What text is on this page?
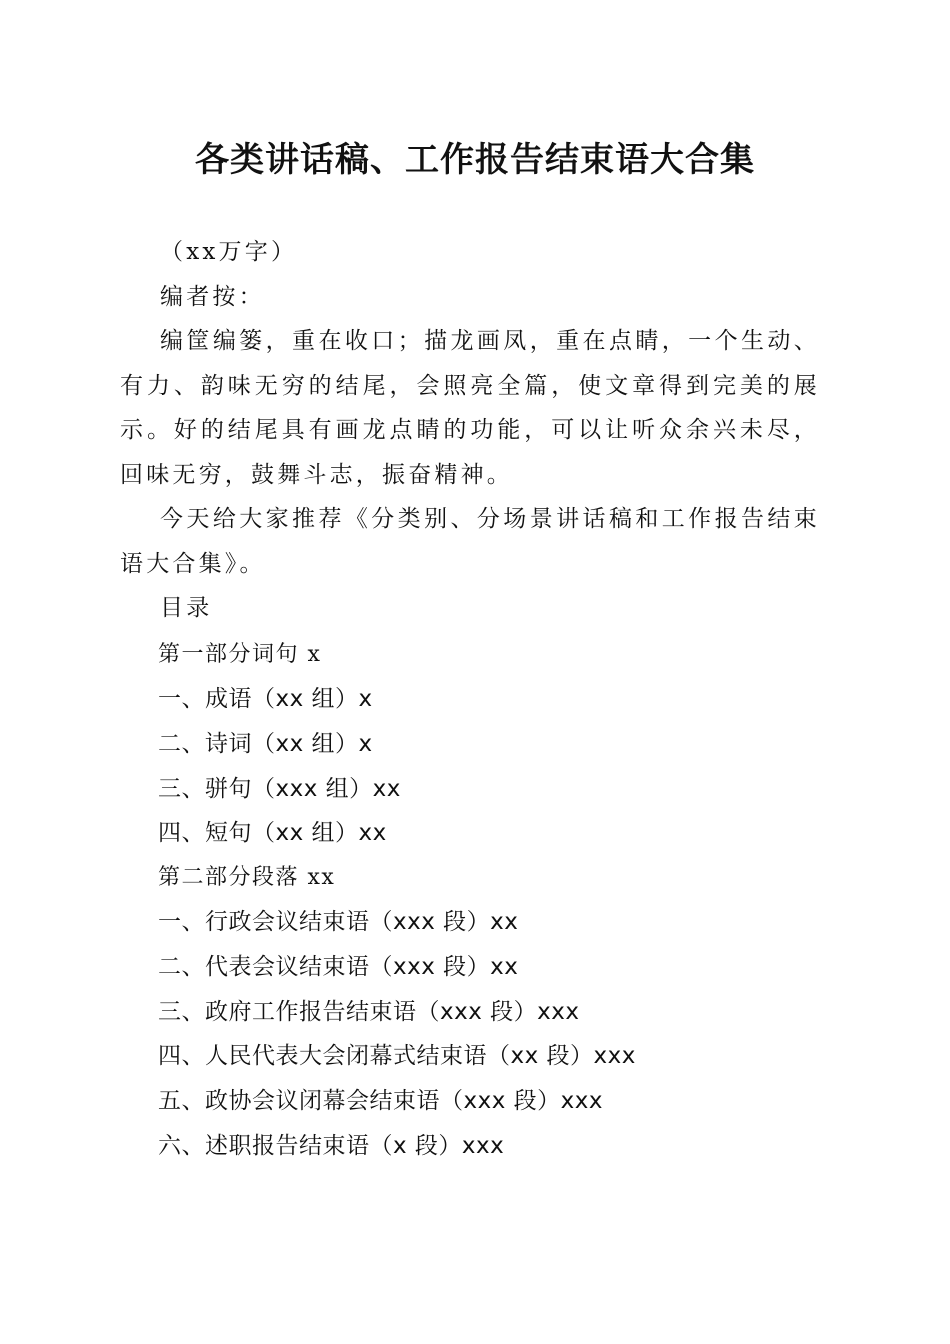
各类讲话稿、工作报告结束语大合集

（xx万字）

编者按：

编筐编篓，重在收口；描龙画凤，重在点睛，一个生动、有力、韵味无穷的结尾，会照亮全篇，使文章得到完美的展示。好的结尾具有画龙点睛的功能，可以让听众余兴未尽，回味无穷，鼓舞斗志，振奋精神。

今天给大家推荐《分类别、分场景讲话稿和工作报告结束语大合集》。

目录

第一部分词句 x
一、成语（xx 组）x
二、诗词（xx 组）x
三、骈句（xxx 组）xx
四、短句（xx 组）xx
第二部分段落 xx
一、行政会议结束语（xxx 段）xx
二、代表会议结束语（xxx 段）xx
三、政府工作报告结束语（xxx 段）xxx
四、人民代表大会闭幕式结束语（xx 段）xxx
五、政协会议闭幕会结束语（xxx 段）xxx
六、述职报告结束语（x 段）xxx
